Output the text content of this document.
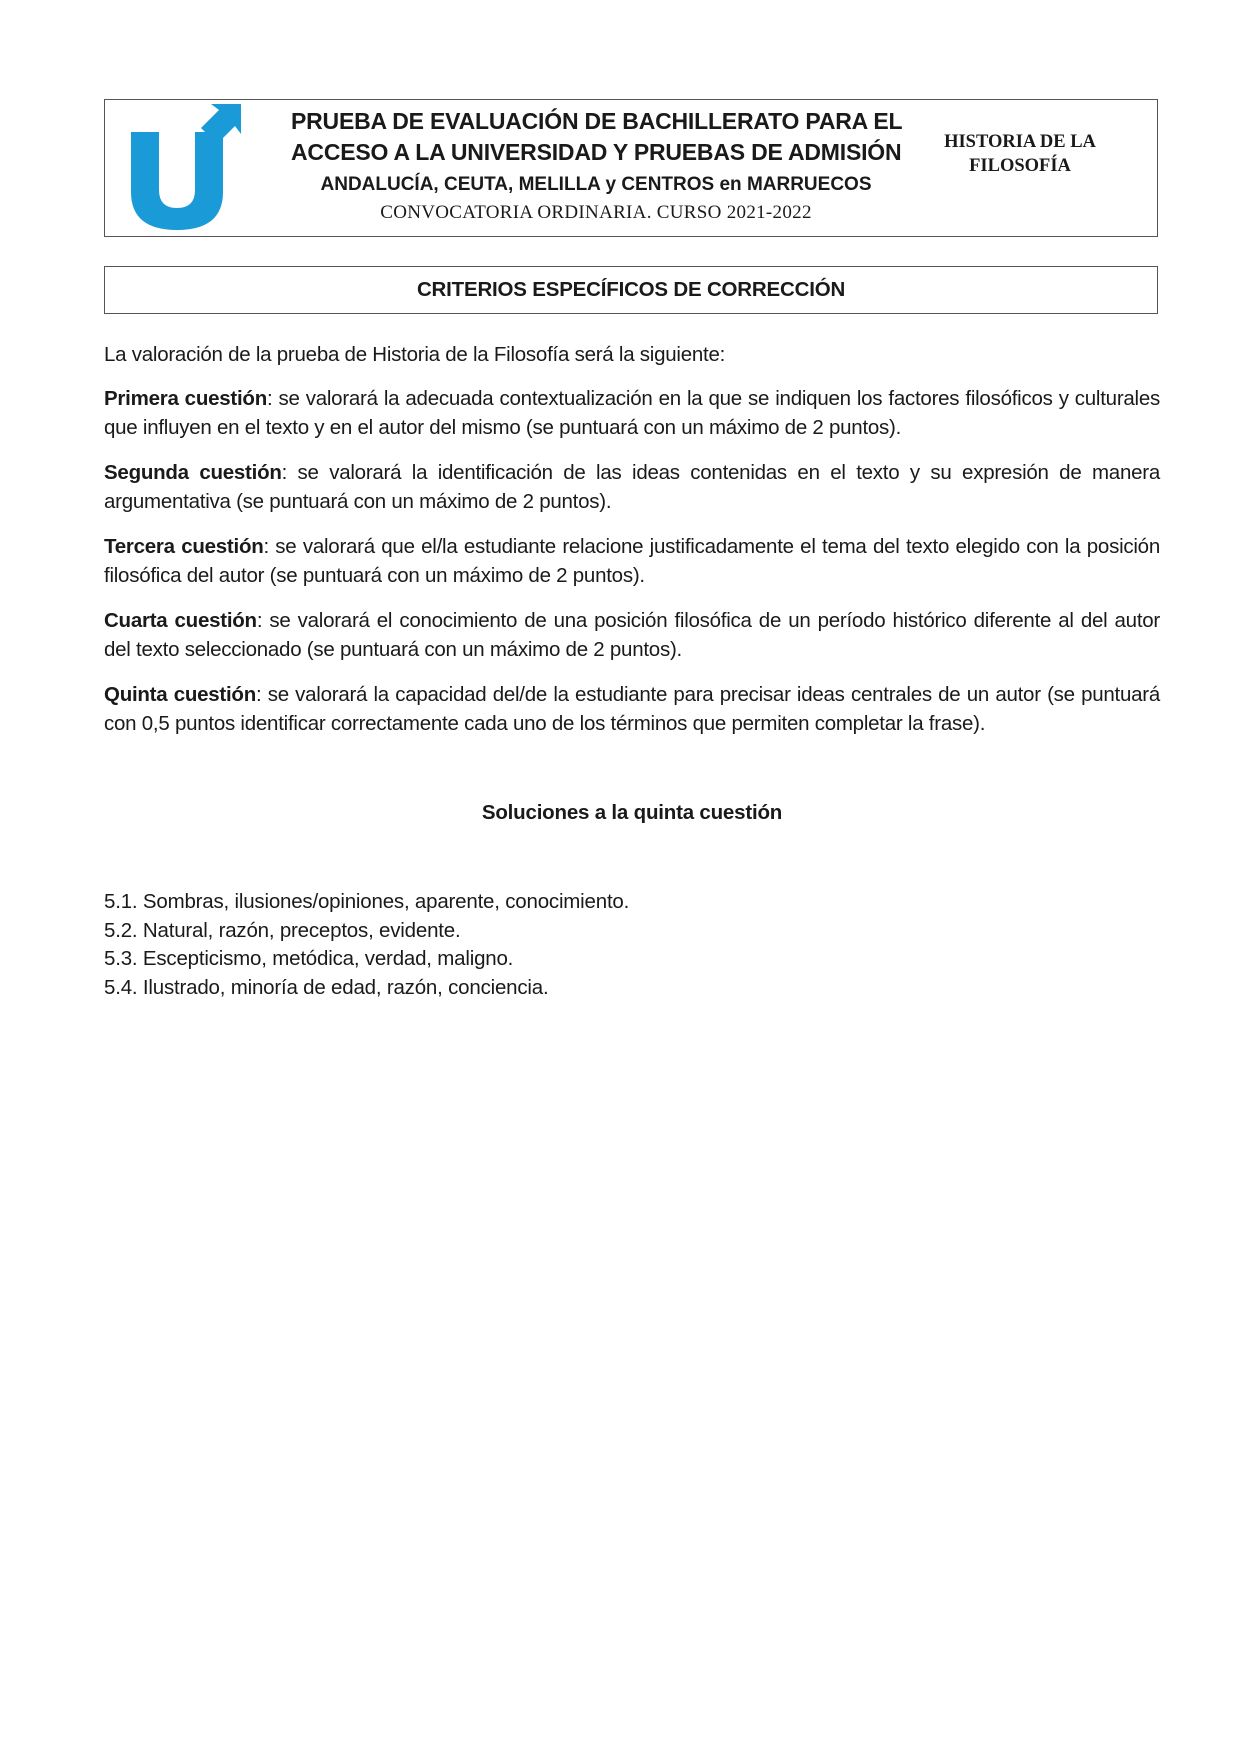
PRUEBA DE EVALUACIÓN DE BACHILLERATO PARA EL
ACCESO A LA UNIVERSIDAD Y PRUEBAS DE ADMISIÓN
ANDALUCÍA, CEUTA, MELILLA y CENTROS en MARRUECOS
CONVOCATORIA ORDINARIA. CURSO 2021-2022
HISTORIA DE LA FILOSOFÍA
CRITERIOS ESPECÍFICOS DE CORRECCIÓN
La valoración de la prueba de Historia de la Filosofía será la siguiente:
Primera cuestión: se valorará la adecuada contextualización en la que se indiquen los factores filosóficos y culturales que influyen en el texto y en el autor del mismo (se puntuará con un máximo de 2 puntos).
Segunda cuestión: se valorará la identificación de las ideas contenidas en el texto y su expresión de manera argumentativa (se puntuará con un máximo de 2 puntos).
Tercera cuestión: se valorará que el/la estudiante relacione justificadamente el tema del texto elegido con la posición filosófica del autor (se puntuará con un máximo de 2 puntos).
Cuarta cuestión: se valorará el conocimiento de una posición filosófica de un período histórico diferente al del autor del texto seleccionado (se puntuará con un máximo de 2 puntos).
Quinta cuestión: se valorará la capacidad del/de la estudiante para precisar ideas centrales de un autor (se puntuará con 0,5 puntos identificar correctamente cada uno de los términos que permiten completar la frase).
Soluciones a la quinta cuestión
5.1. Sombras, ilusiones/opiniones, aparente, conocimiento.
5.2. Natural, razón, preceptos, evidente.
5.3. Escepticismo, metódica, verdad, maligno.
5.4. Ilustrado, minoría de edad, razón, conciencia.
